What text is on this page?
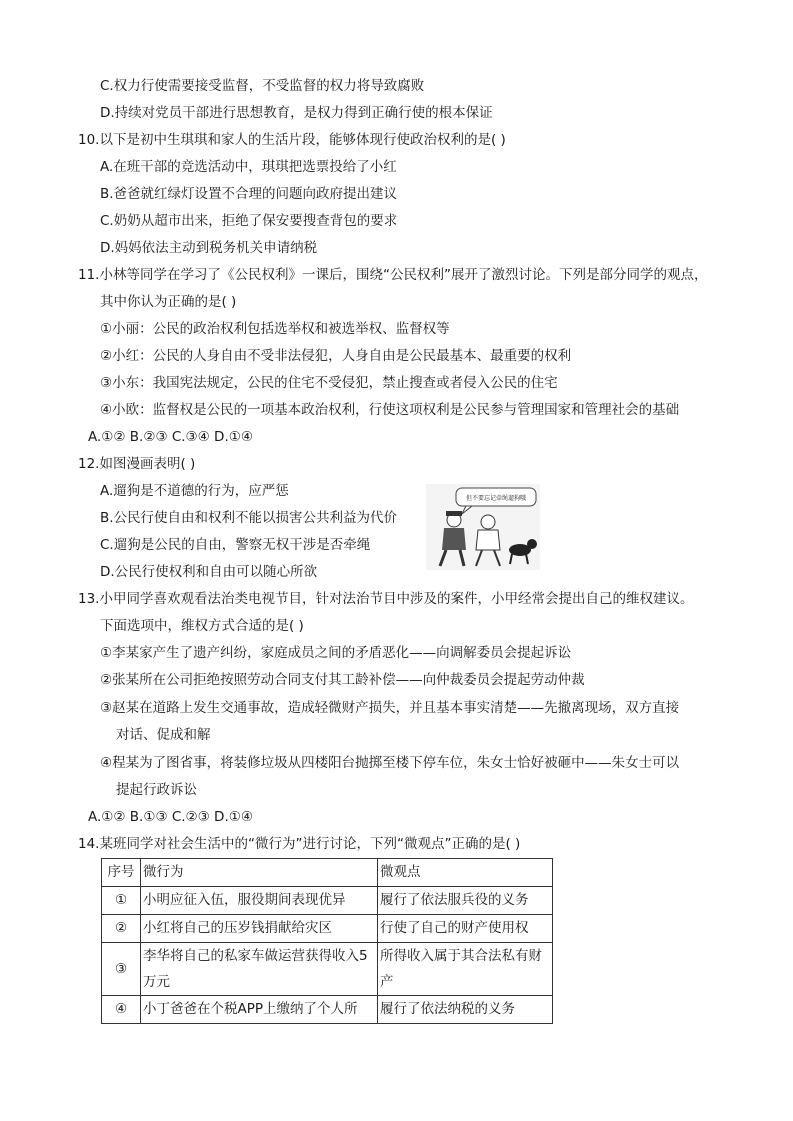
C.权力行使需要接受监督，不受监督的权力将导致腐败
D.持续对党员干部进行思想教育，是权力得到正确行使的根本保证
10.以下是初中生琪琪和家人的生活片段，能够体现行使政治权利的是( )
A.在班干部的竞选活动中，琪琪把选票投给了小红
B.爸爸就红绿灯设置不合理的问题向政府提出建议
C.奶奶从超市出来，拒绝了保安要搜查背包的要求
D.妈妈依法主动到税务机关申请纳税
11.小林等同学在学习了《公民权利》一课后，围绕“公民权利”展开了激烈讨论。下列是部分同学的观点，
其中你认为正确的是( )
①小丽：公民的政治权利包括选举权和被选举权、监督权等
②小红：公民的人身自由不受非法侵犯，人身自由是公民最基本、最重要的权利
③小东：我国宪法规定，公民的住宅不受侵犯，禁止搜查或者侵入公民的住宅
④小欧：监督权是公民的一项基本政治权利，行使这项权利是公民参与管理国家和管理社会的基础
A.①② B.②③ C.③④ D.①④
12.如图漫画表明( )
A.遛狗是不道德的行为，应严惩
B.公民行使自由和权利不能以损害公共利益为代价
C.遛狗是公民的自由，警察无权干涉是否牵绳
D.公民行使权利和自由可以随心所欲
但不要忘记牵绳遛狗哦
13.小甲同学喜欢观看法治类电视节目，针对法治节目中涉及的案件，小甲经常会提出自己的维权建议。
下面选项中，维权方式合适的是( )
①李某家产生了遗产纠纷，家庭成员之间的矛盾恶化——向调解委员会提起诉讼
②张某所在公司拒绝按照劳动合同支付其工龄补偿——向仲裁委员会提起劳动仲裁
③赵某在道路上发生交通事故，造成轻微财产损失，并且基本事实清楚——先撤离现场，双方直接
对话、促成和解
④程某为了图省事，将装修垃圾从四楼阳台抛掷至楼下停车位，朱女士恰好被砸中——朱女士可以
提起行政诉讼
A.①② B.①③ C.②③ D.①④
14.某班同学对社会生活中的“微行为”进行讨论，下列“微观点”正确的是( )
序号	微行为	微观点
①	小明应征入伍，服役期间表现优异	履行了依法服兵役的义务
②	小红将自己的压岁钱捐献给灾区	行使了自己的财产使用权
③	李华将自己的私家车做运营获得收入5万元	所得收入属于其合法私有财产
④	小丁爸爸在个税APP上缴纳了个人所	履行了依法纳税的义务
